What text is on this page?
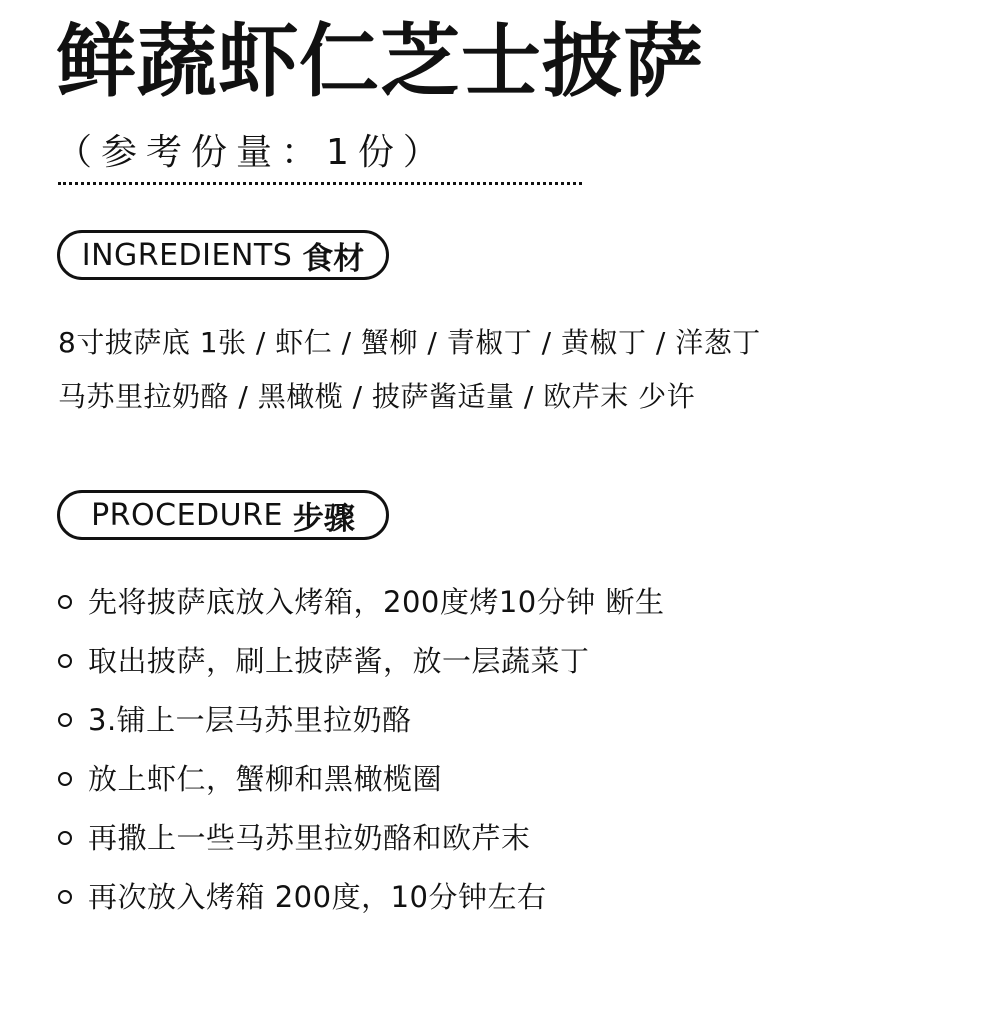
鲜蔬虾仁芝士披萨
（参考份量：1份）
INGREDIENTS 食材
8寸披萨底 1张 / 虾仁 / 蟹柳 / 青椒丁 / 黄椒丁 / 洋葱丁
马苏里拉奶酪 / 黑橄榄 / 披萨酱适量 / 欧芹末 少许
PROCEDURE 步骤
先将披萨底放入烤箱，200度烤10分钟 断生
取出披萨，刷上披萨酱，放一层蔬菜丁
3.铺上一层马苏里拉奶酪
放上虾仁，蟹柳和黑橄榄圈
再撒上一些马苏里拉奶酪和欧芹末
再次放入烤箱 200度，10分钟左右
